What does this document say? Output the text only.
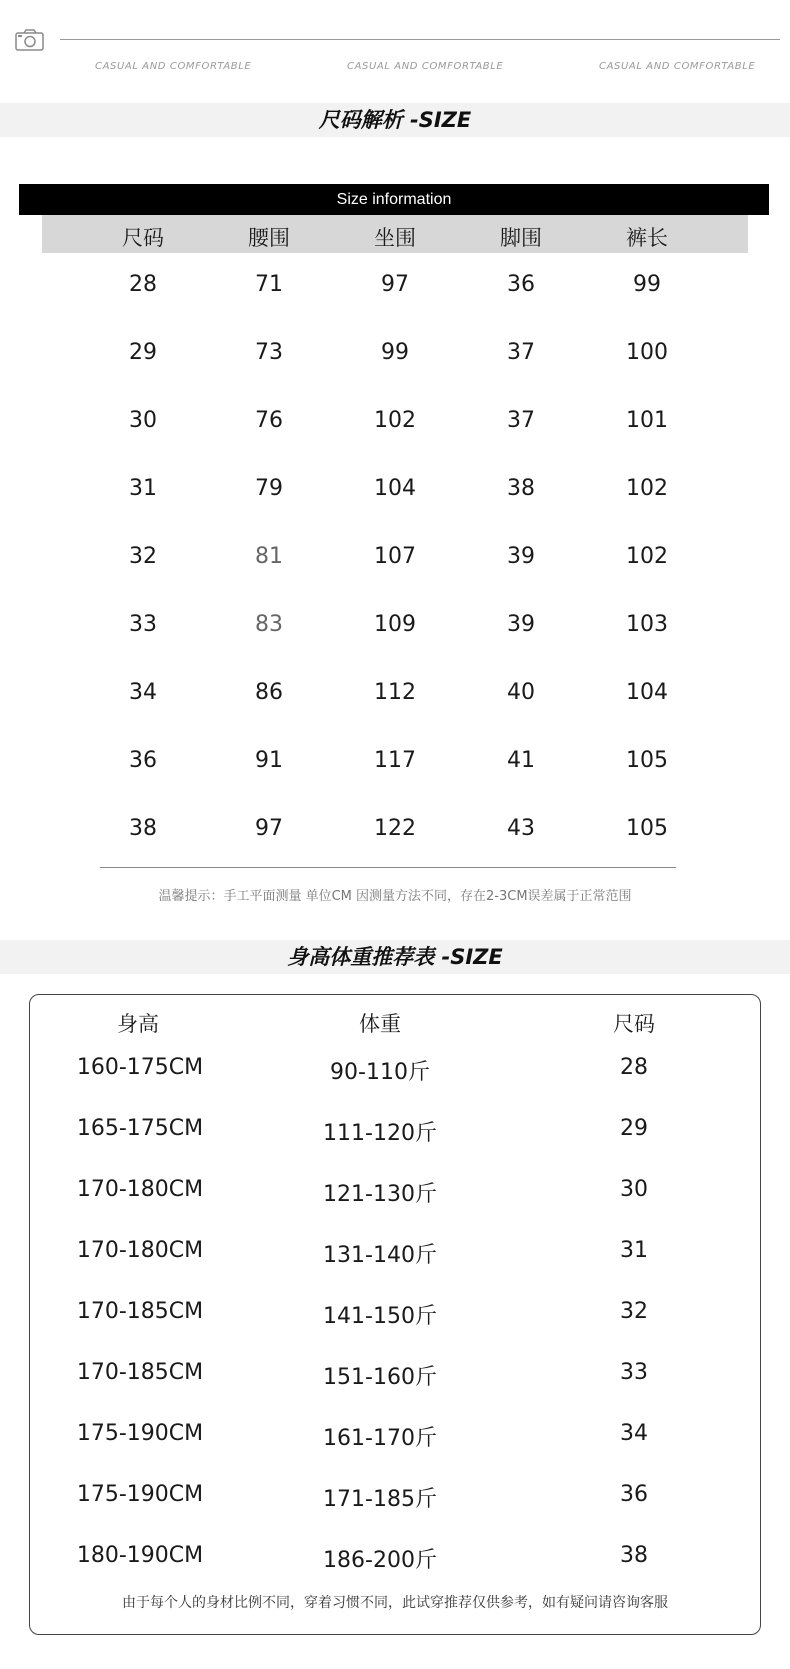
CASUAL AND COMFORTABLE	CASUAL AND COMFORTABLE	CASUAL AND COMFORTABLE
尺码解析 -SIZE
Size information
尺码	腰围	坐围	脚围	裤长
28	71	97	36	99
29	73	99	37	100
30	76	102	37	101
31	79	104	38	102
32	81	107	39	102
33	83	109	39	103
34	86	112	40	104
36	91	117	41	105
38	97	122	43	105
温馨提示：手工平面测量 单位CM 因测量方法不同，存在2-3CM误差属于正常范围
身高体重推荐表 -SIZE
身高	体重	尺码
160-175CM	90-110斤	28
165-175CM	111-120斤	29
170-180CM	121-130斤	30
170-180CM	131-140斤	31
170-185CM	141-150斤	32
170-185CM	151-160斤	33
175-190CM	161-170斤	34
175-190CM	171-185斤	36
180-190CM	186-200斤	38
由于每个人的身材比例不同，穿着习惯不同，此试穿推荐仅供参考，如有疑问请咨询客服
